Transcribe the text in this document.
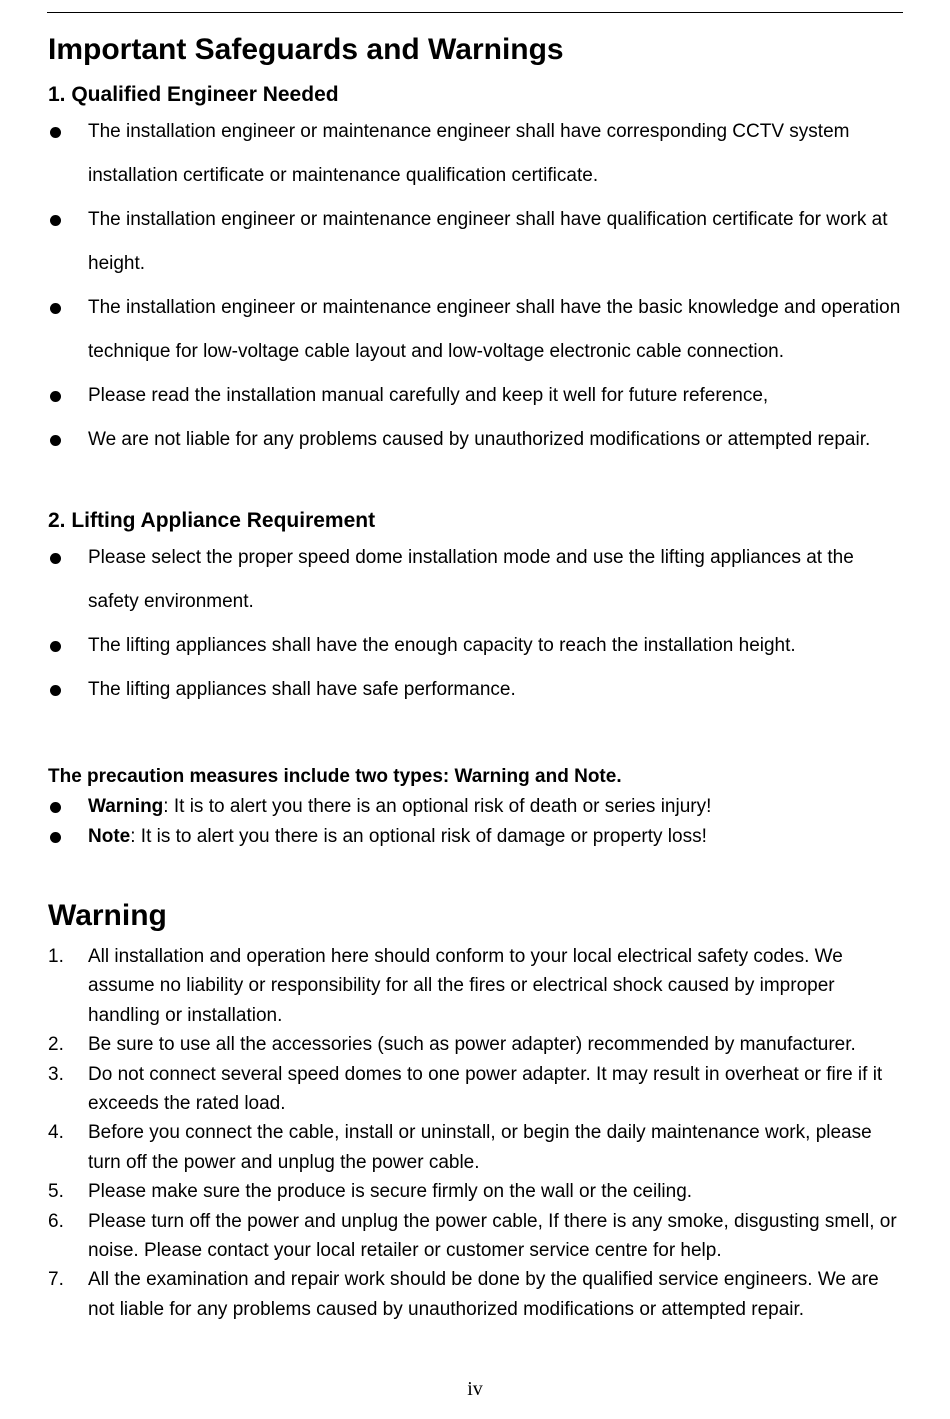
Important Safeguards and Warnings
1. Qualified Engineer Needed
The installation engineer or maintenance engineer shall have corresponding CCTV system installation certificate or maintenance qualification certificate.
The installation engineer or maintenance engineer shall have qualification certificate for work at height.
The installation engineer or maintenance engineer shall have the basic knowledge and operation technique for low-voltage cable layout and low-voltage electronic cable connection.
Please read the installation manual carefully and keep it well for future reference,
We are not liable for any problems caused by unauthorized modifications or attempted repair.
2. Lifting Appliance Requirement
Please select the proper speed dome installation mode and use the lifting appliances at the safety environment.
The lifting appliances shall have the enough capacity to reach the installation height.
The lifting appliances shall have safe performance.

The precaution measures include two types: Warning and Note.

Warning: It is to alert you there is an optional risk of death or series injury!
Note: It is to alert you there is an optional risk of damage or property loss!
Warning
1. All installation and operation here should conform to your local electrical safety codes. We assume no liability or responsibility for all the fires or electrical shock caused by improper handling or installation.
2. Be sure to use all the accessories (such as power adapter) recommended by manufacturer.
3. Do not connect several speed domes to one power adapter. It may result in overheat or fire if it exceeds the rated load.
4. Before you connect the cable, install or uninstall, or begin the daily maintenance work, please turn off the power and unplug the power cable.
5. Please make sure the produce is secure firmly on the wall or the ceiling.
6. Please turn off the power and unplug the power cable, If there is any smoke, disgusting smell, or noise. Please contact your local retailer or customer service centre for help.
7. All the examination and repair work should be done by the qualified service engineers. We are not liable for any problems caused by unauthorized modifications or attempted repair.
iv
